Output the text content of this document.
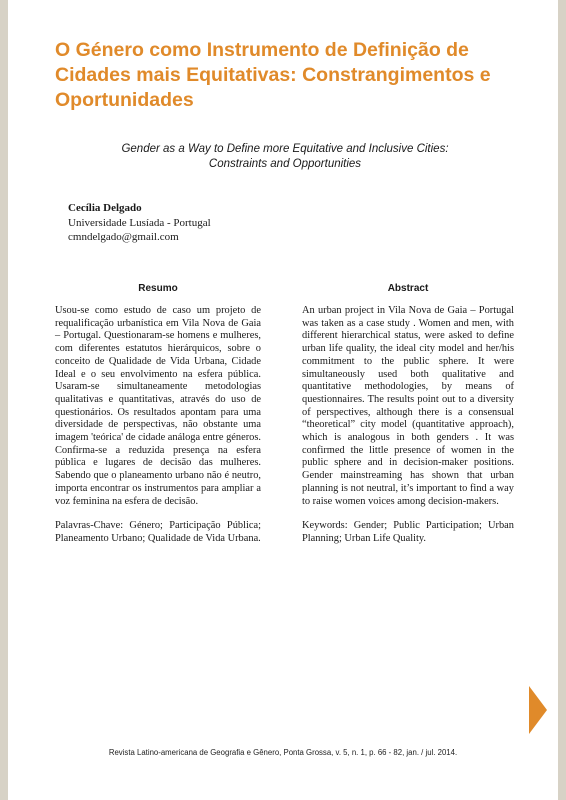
O Género como Instrumento de Definição de Cidades mais Equitativas: Constrangimentos e Oportunidades

Gender as a Way to Define more Equitative and Inclusive Cities: Constraints and Opportunities

Cecília Delgado
Universidade Lusíada - Portugal
cmndelgado@gmail.com
Resumo

Usou-se como estudo de caso um projeto de requalificação urbanística em Vila Nova de Gaia – Portugal. Questionaram-se homens e mulheres, com diferentes estatutos hierárquicos, sobre o conceito de Qualidade de Vida Urbana, Cidade Ideal e o seu envolvimento na esfera pública. Usaram-se simultaneamente metodologias qualitativas e quantitativas, através do uso de questionários. Os resultados apontam para uma diversidade de perspectivas, não obstante uma imagem 'teórica' de cidade análoga entre géneros. Confirma-se a reduzida presença na esfera pública e lugares de decisão das mulheres. Sabendo que o planeamento urbano não é neutro, importa encontrar os instrumentos para ampliar a voz feminina na esfera de decisão.

Palavras-Chave: Género; Participação Pública; Planeamento Urbano; Qualidade de Vida Urbana.

Abstract

An urban project in Vila Nova de Gaia – Portugal was taken as a case study . Women and men, with different hierarchical status, were asked to define urban life quality, the ideal city model and her/his commitment to the public sphere. It were simultaneously used both qualitative and quantitative methodologies, by means of questionnaires. The results point out to a diversity of perspectives, although there is a consensual “theoretical” city model (quantitative approach), which is analogous in both genders . It was confirmed the little presence of women in the public sphere and in decision-maker positions. Gender mainstreaming has shown that urban planning is not neutral, it’s important to find a way to raise women voices among decision-makers.

Keywords: Gender; Public Participation; Urban Planning; Urban Life Quality.

Revista Latino-americana de Geografia e Gênero, Ponta Grossa, v. 5, n. 1, p. 66 - 82, jan. / jul. 2014.
